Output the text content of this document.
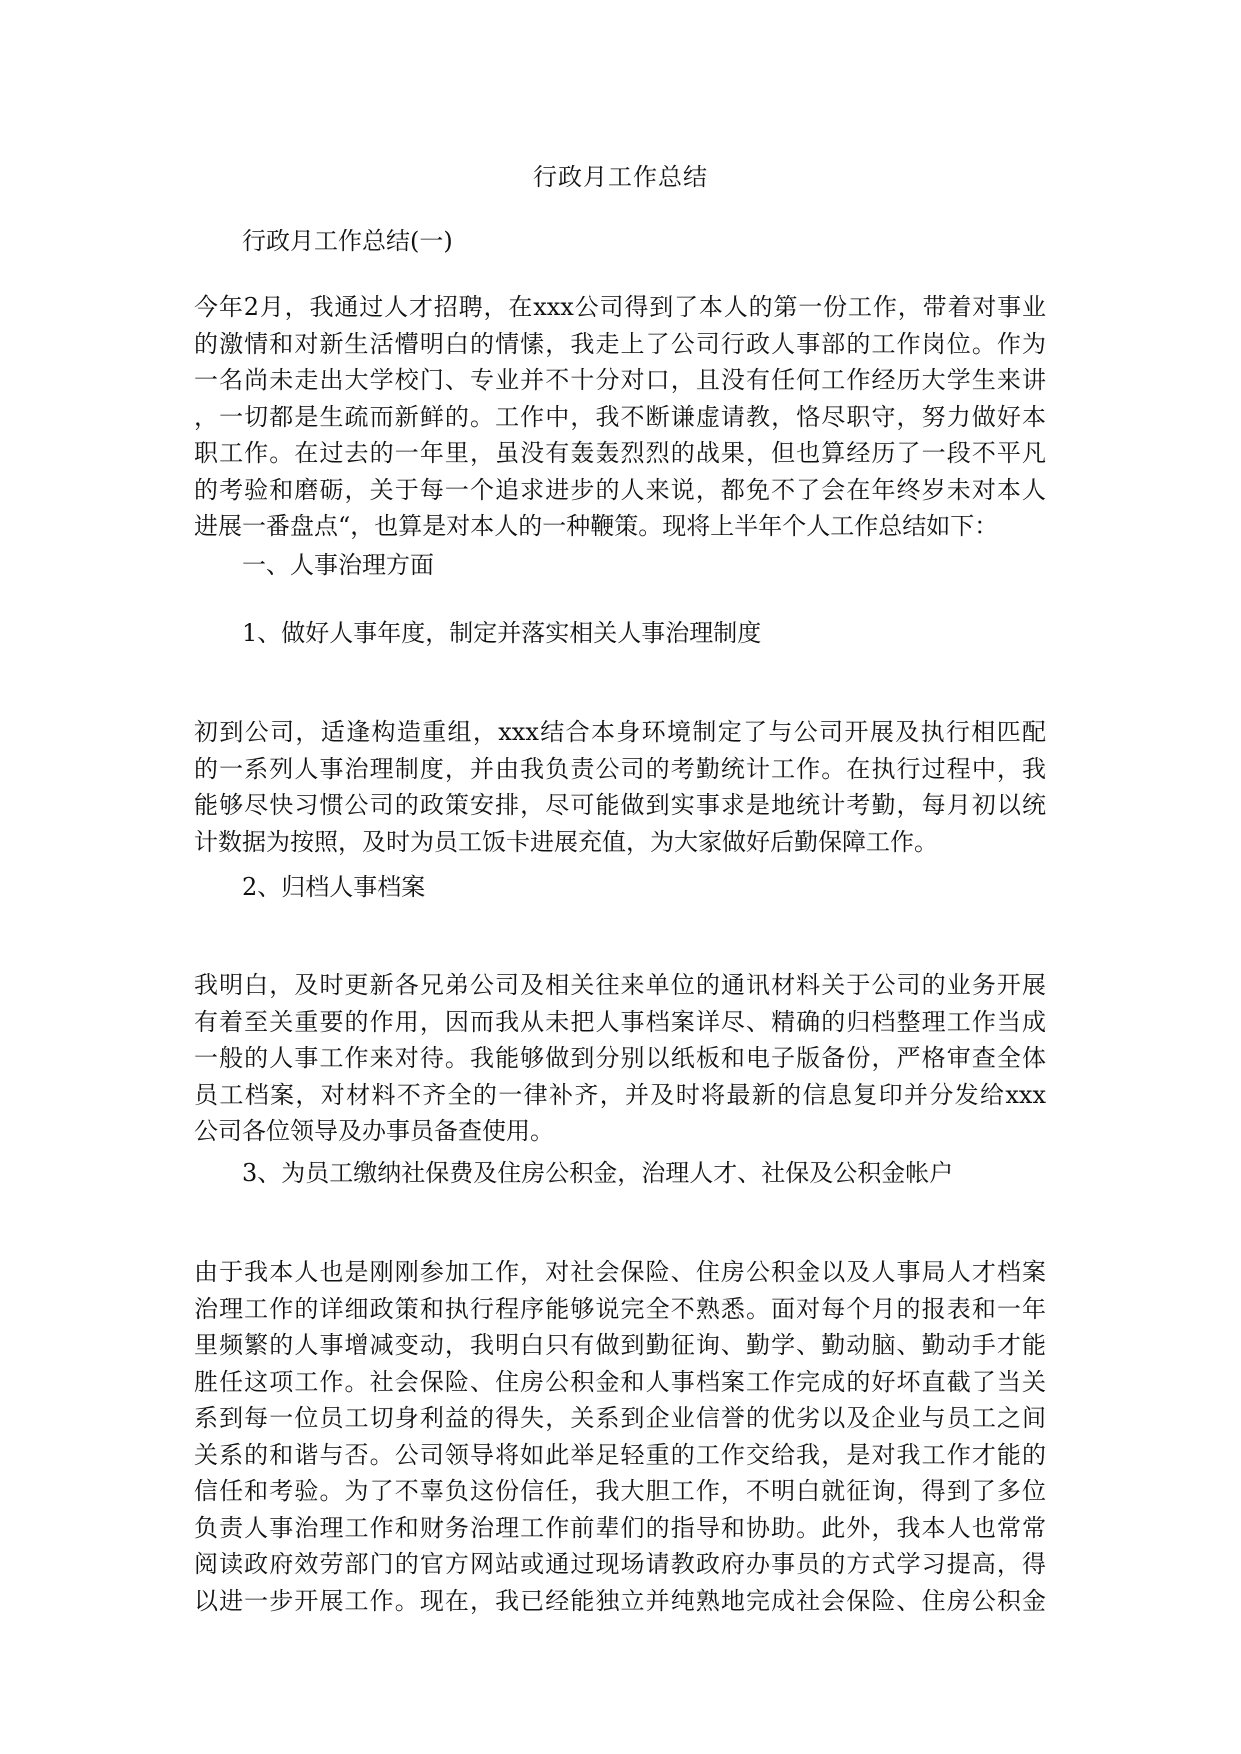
行政月工作总结
行政月工作总结(一)
今年2月，我通过人才招聘，在xxx公司得到了本人的第一份工作，带着对事业
的激情和对新生活懵明白的情愫，我走上了公司行政人事部的工作岗位。作为
一名尚未走出大学校门、专业并不十分对口，且没有任何工作经历大学生来讲
，一切都是生疏而新鲜的。工作中，我不断谦虚请教，恪尽职守，努力做好本
职工作。在过去的一年里，虽没有轰轰烈烈的战果，但也算经历了一段不平凡
的考验和磨砺，关于每一个追求进步的人来说，都免不了会在年终岁未对本人
进展一番盘点“，也算是对本人的一种鞭策。现将上半年个人工作总结如下：
一、人事治理方面
1、做好人事年度，制定并落实相关人事治理制度
初到公司，适逢构造重组，xxx结合本身环境制定了与公司开展及执行相匹配
的一系列人事治理制度，并由我负责公司的考勤统计工作。在执行过程中，我
能够尽快习惯公司的政策安排，尽可能做到实事求是地统计考勤，每月初以统
计数据为按照，及时为员工饭卡进展充值，为大家做好后勤保障工作。
2、归档人事档案
我明白，及时更新各兄弟公司及相关往来单位的通讯材料关于公司的业务开展
有着至关重要的作用，因而我从未把人事档案详尽、精确的归档整理工作当成
一般的人事工作来对待。我能够做到分别以纸板和电子版备份，严格审查全体
员工档案，对材料不齐全的一律补齐，并及时将最新的信息复印并分发给xxx
公司各位领导及办事员备查使用。
3、为员工缴纳社保费及住房公积金，治理人才、社保及公积金帐户
由于我本人也是刚刚参加工作，对社会保险、住房公积金以及人事局人才档案
治理工作的详细政策和执行程序能够说完全不熟悉。面对每个月的报表和一年
里频繁的人事增减变动，我明白只有做到勤征询、勤学、勤动脑、勤动手才能
胜任这项工作。社会保险、住房公积金和人事档案工作完成的好坏直截了当关
系到每一位员工切身利益的得失，关系到企业信誉的优劣以及企业与员工之间
关系的和谐与否。公司领导将如此举足轻重的工作交给我，是对我工作才能的
信任和考验。为了不辜负这份信任，我大胆工作，不明白就征询，得到了多位
负责人事治理工作和财务治理工作前辈们的指导和协助。此外，我本人也常常
阅读政府效劳部门的官方网站或通过现场请教政府办事员的方式学习提高，得
以进一步开展工作。现在，我已经能独立并纯熟地完成社会保险、住房公积金
